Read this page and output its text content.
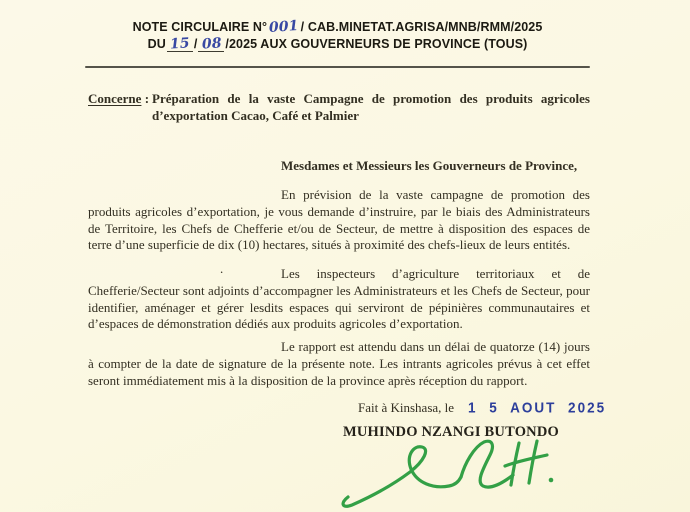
NOTE CIRCULAIRE N°001 / CAB.MINETAT.AGRISA/MNB/RMM/2025
DU 15 / 08 /2025 AUX GOUVERNEURS DE PROVINCE (TOUS)
Concerne : Préparation de la vaste Campagne de promotion des produits agricoles d’exportation Cacao, Café et Palmier
Mesdames et Messieurs les Gouverneurs de Province,
En prévision de la vaste campagne de promotion des produits agricoles d’exportation, je vous demande d’instruire, par le biais des Administrateurs de Territoire, les Chefs de Chefferie et/ou de Secteur, de mettre à disposition des espaces de terre d’une superficie de dix (10) hectares, situés à proximité des chefs-lieux de leurs entités.
.	Les inspecteurs d’agriculture territoriaux et de Chefferie/Secteur sont adjoints d’accompagner les Administrateurs et les Chefs de Secteur, pour identifier, aménager et gérer lesdits espaces qui serviront de pépinières communautaires et d’espaces de démonstration dédiés aux produits agricoles d’exportation.
Le rapport est attendu dans un délai de quatorze (14) jours à compter de la date de signature de la présente note. Les intrants agricoles prévus à cet effet seront immédiatement mis à la disposition de la province après réception du rapport.
Fait à Kinshasa, le 1 5 AOUT 2025
MUHINDO NZANGI BUTONDO
